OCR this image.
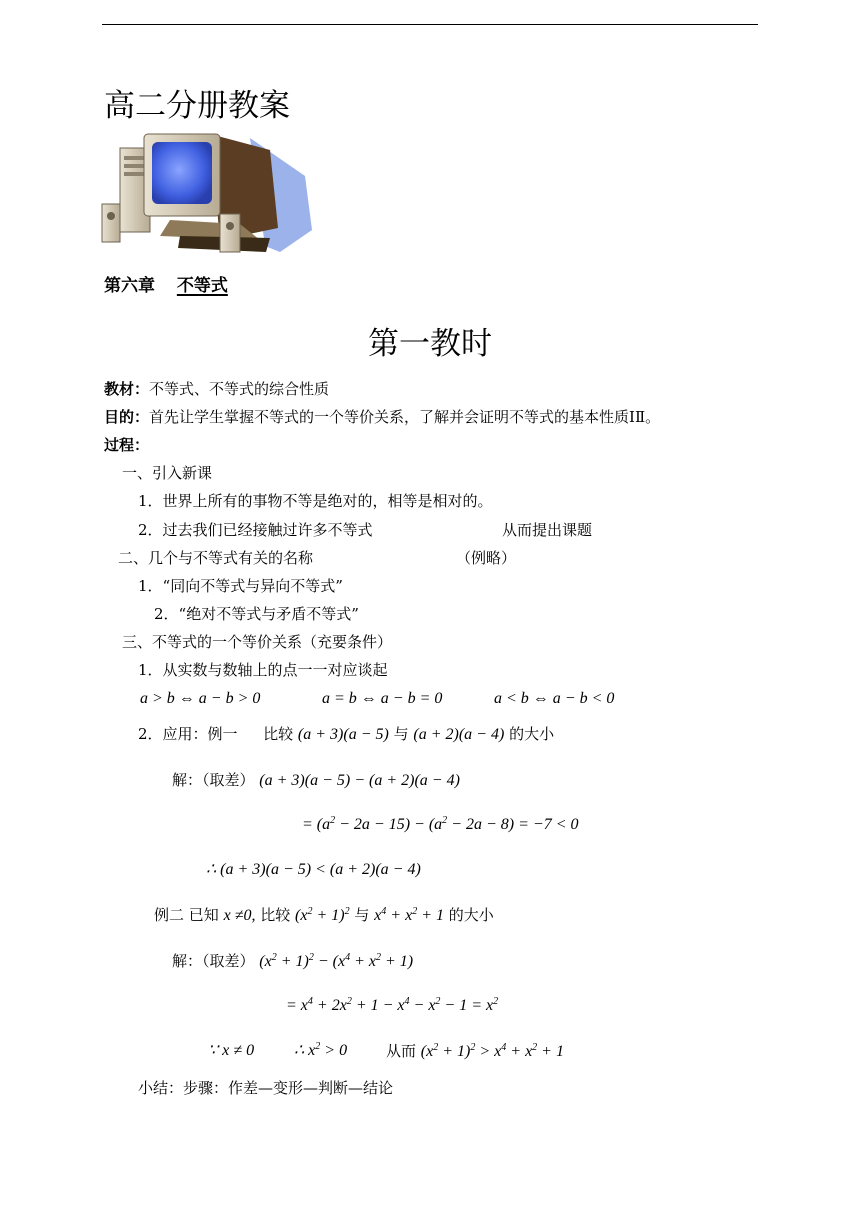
高二分册教案
第六章 不等式
第一教时
教材：不等式、不等式的综合性质
目的：首先让学生掌握不等式的一个等价关系，了解并会证明不等式的基本性质ⅠⅡ。
过程：
一、引入新课
1．世界上所有的事物不等是绝对的，相等是相对的。
2．过去我们已经接触过许多不等式	从而提出课题
二、几个与不等式有关的名称	（例略）
1．“同向不等式与异向不等式”
2．“绝对不等式与矛盾不等式”
三、不等式的一个等价关系（充要条件）
1．从实数与数轴上的点一一对应谈起
a > b ⇔ a − b > 0	a = b ⇔ a − b = 0	a < b ⇔ a − b < 0
2．应用：例一 比较 (a + 3)(a − 5) 与 (a + 2)(a − 4) 的大小
解：（取差） (a + 3)(a − 5) − (a + 2)(a − 4)
= $(a^2 - 2a - 15) - (a^2 - 2a - 8) = -7 < 0$
∴ (a + 3)(a − 5) < (a + 2)(a − 4)
例二 已知 x ≠0, 比较 $(x^2 + 1)^2$ 与 $x^4 + x^2 + 1$ 的大小
解：（取差） $(x^2 + 1)^2 - (x^4 + x^2 + 1)$
= $x^4 + 2x^2 + 1 - x^4 - x^2 - 1 = x^2$
∵ x ≠ 0 ∴ $x^2 > 0$	从而 $(x^2 + 1)^2 > x^4 + x^2 + 1$
小结：步骤：作差—变形—判断—结论
